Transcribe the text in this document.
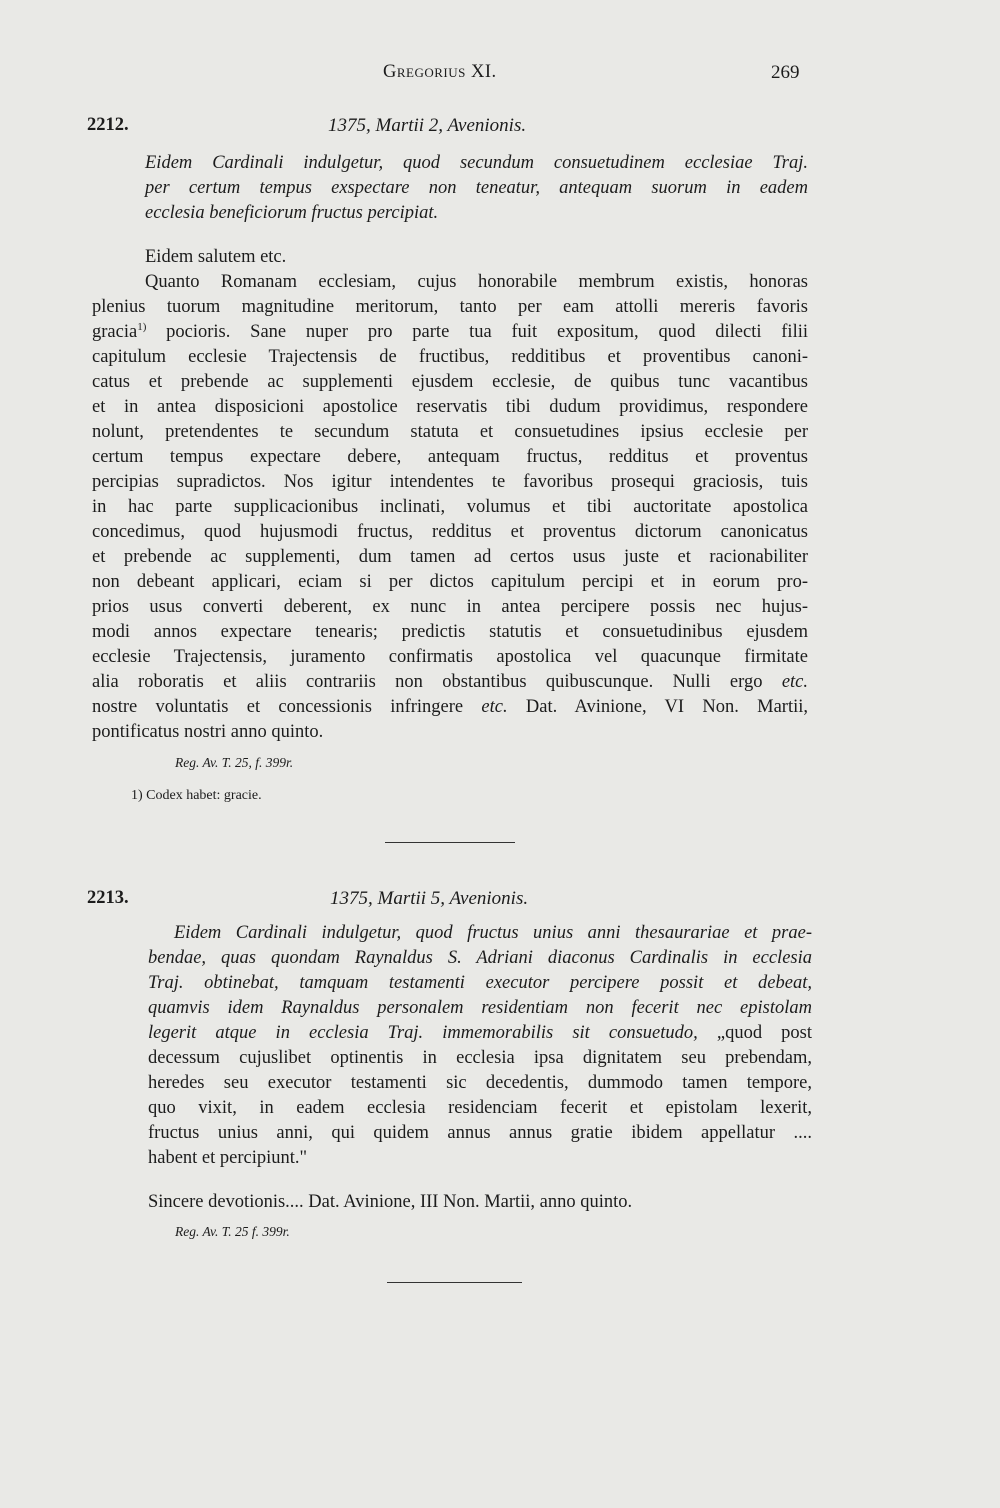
Gregorius XI.	269
2212.	1375, Martii 2, Avenionis.
Eidem Cardinali indulgetur, quod secundum consuetudinem ecclesiae Traj.
per certum tempus exspectare non teneatur, antequam suorum in eadem
ecclesia beneficiorum fructus percipiat.
Eidem salutem etc.
Quanto Romanam ecclesiam, cujus honorabile membrum existis, honoras
plenius tuorum magnitudine meritorum, tanto per eam attolli mereris favoris
gracia$^{1)}$ pocioris. Sane nuper pro parte tua fuit expositum, quod dilecti filii
capitulum ecclesie Trajectensis de fructibus, redditibus et proventibus canoni-
catus et prebende ac supplementi ejusdem ecclesie, de quibus tunc vacantibus
et in antea disposicioni apostolice reservatis tibi dudum providimus, respondere
nolunt, pretendentes te secundum statuta et consuetudines ipsius ecclesie per
certum tempus expectare debere, antequam fructus, redditus et proventus
percipias supradictos. Nos igitur intendentes te favoribus prosequi graciosis, tuis
in hac parte supplicacionibus inclinati, volumus et tibi auctoritate apostolica
concedimus, quod hujusmodi fructus, redditus et proventus dictorum canonicatus
et prebende ac supplementi, dum tamen ad certos usus juste et racionabiliter
non debeant applicari, eciam si per dictos capitulum percipi et in eorum pro-
prios usus converti deberent, ex nunc in antea percipere possis nec hujus-
modi annos expectare tenearis; predictis statutis et consuetudinibus ejusdem
ecclesie Trajectensis, juramento confirmatis apostolica vel quacunque firmitate
alia roboratis et aliis contrariis non obstantibus quibuscunque. Nulli ergo etc.
nostre voluntatis et concessionis infringere etc. Dat. Avinione, VI Non. Martii,
pontificatus nostri anno quinto.
Reg. Av. T. 25, f. 399r.
1) Codex habet: gracie.
2213.	1375, Martii 5, Avenionis.
Eidem Cardinali indulgetur, quod fructus unius anni thesaurariae et prae-
bendae, quas quondam Raynaldus S. Adriani diaconus Cardinalis in ecclesia
Traj. obtinebat, tamquam testamenti executor percipere possit et debeat,
quamvis idem Raynaldus personalem residentiam non fecerit nec epistolam
legerit atque in ecclesia Traj. immemorabilis sit consuetudo, „quod post
decessum cujuslibet optinentis in ecclesia ipsa dignitatem seu prebendam,
heredes seu executor testamenti sic decedentis, dummodo tamen tempore,
quo vixit, in eadem ecclesia residenciam fecerit et epistolam lexerit,
fructus unius anni, qui quidem annus annus gratie ibidem appellatur ....
habent et percipiunt."
Sincere devotionis.... Dat. Avinione, III Non. Martii, anno quinto.
Reg. Av. T. 25 f. 399r.
